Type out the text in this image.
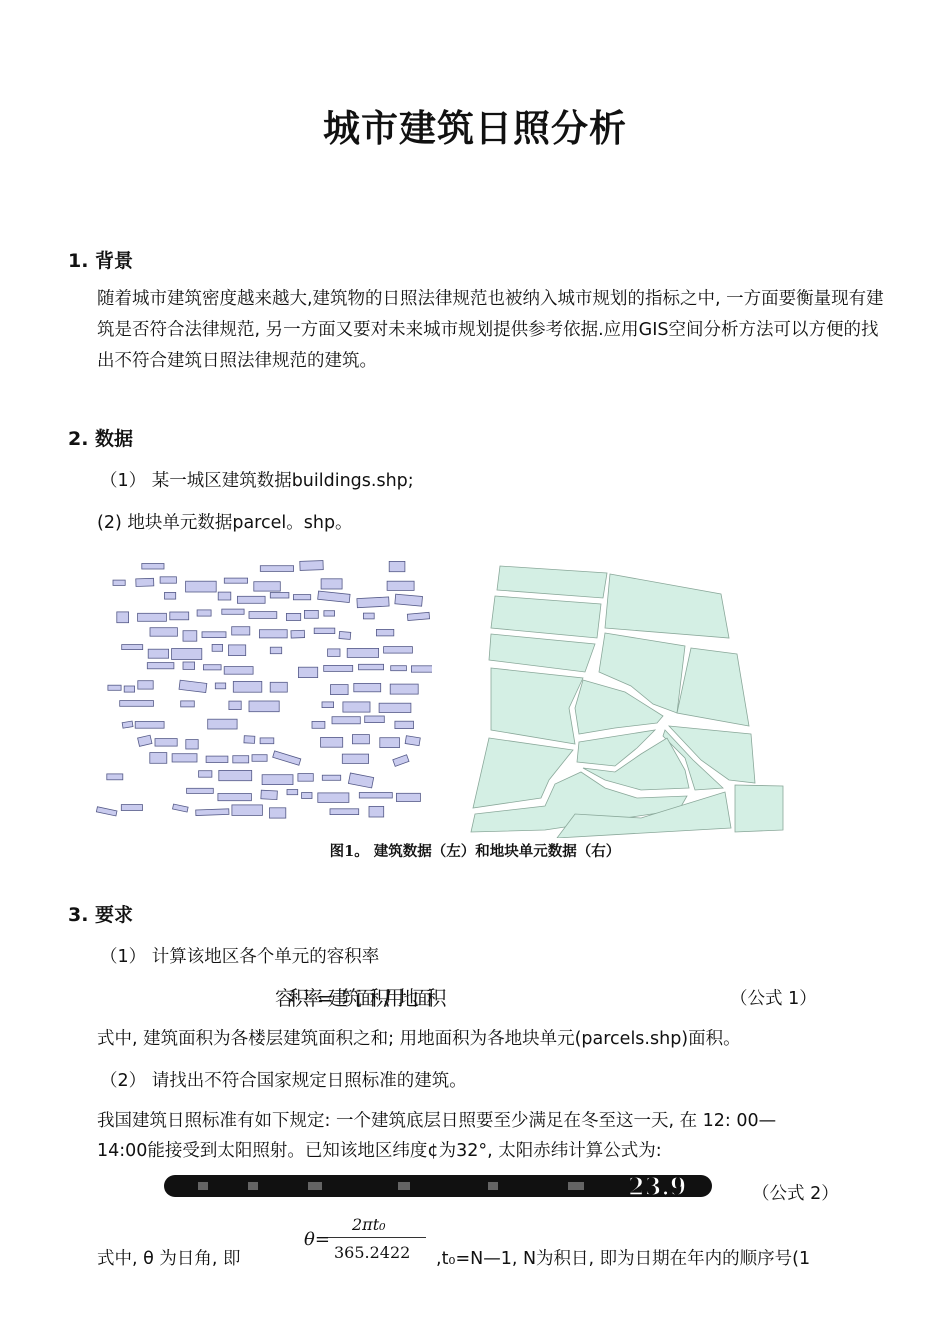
城市建筑日照分析
1. 背景
随着城市建筑密度越来越大,建筑物的日照法律规范也被纳入城市规划的指标之中, 一方面要衡量现有建筑是否符合法律规范, 另一方面又要对未来城市规划提供参考依据.应用GIS空间分析方法可以方便的找出不符合建筑日照法律规范的建筑。
2. 数据
（1） 某一城区建筑数据buildings.shp;
(2) 地块单元数据parcel。shp。
图1。 建筑数据（左）和地块单元数据（右）
3. 要求
（1） 计算该地区各个单元的容积率
容积率=建筑面积/用地面积	（公式 1）
式中, 建筑面积为各楼层建筑面积之和; 用地面积为各地块单元(parcels.shp)面积。
（2） 请找出不符合国家规定日照标准的建筑。
我国建筑日照标准有如下规定: 一个建筑底层日照要至少满足在冬至这一天, 在 12: 00—
14:00能接受到太阳照射。已知该地区纬度¢为32°, 太阳赤纬计算公式为:
23.9	（公式 2）
θ=
2πt₀
365.2422
式中, θ 为日角, 即	,t₀=N—1, N为积日, 即为日期在年内的顺序号(1
